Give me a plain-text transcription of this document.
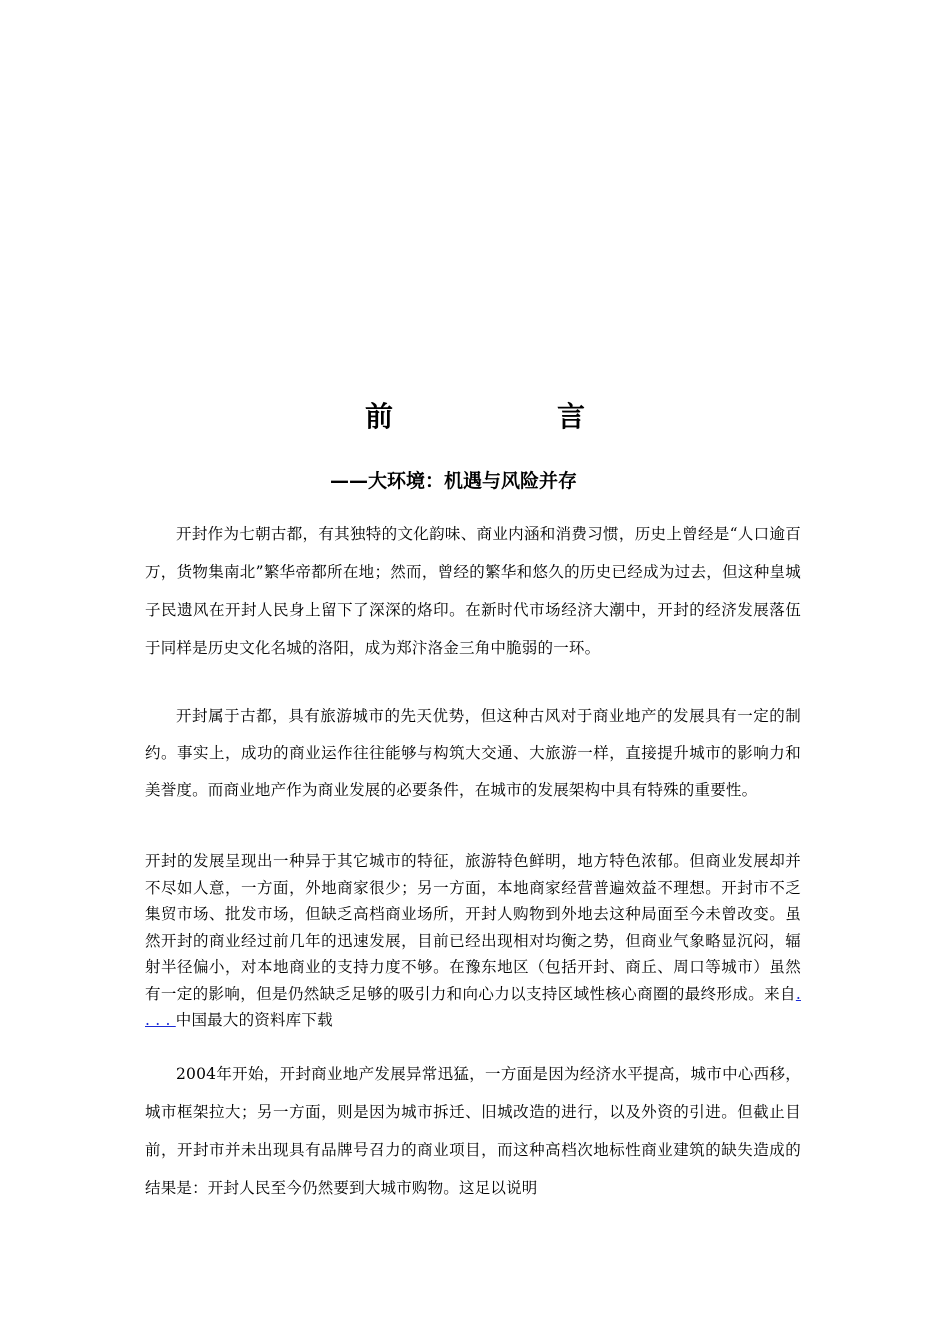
前	言
——大环境：机遇与风险并存

开封作为七朝古都，有其独特的文化韵味、商业内涵和消费习惯，历史上曾经是“人口逾百万，货物集南北”繁华帝都所在地；然而，曾经的繁华和悠久的历史已经成为过去，但这种皇城子民遗风在开封人民身上留下了深深的烙印。在新时代市场经济大潮中，开封的经济发展落伍于同样是历史文化名城的洛阳，成为郑汴洛金三角中脆弱的一环。

开封属于古都，具有旅游城市的先天优势，但这种古风对于商业地产的发展具有一定的制约。事实上，成功的商业运作往往能够与构筑大交通、大旅游一样，直接提升城市的影响力和美誉度。而商业地产作为商业发展的必要条件，在城市的发展架构中具有特殊的重要性。

开封的发展呈现出一种异于其它城市的特征，旅游特色鲜明，地方特色浓郁。但商业发展却并不尽如人意，一方面，外地商家很少；另一方面，本地商家经营普遍效益不理想。开封市不乏集贸市场、批发市场，但缺乏高档商业场所，开封人购物到外地去这种局面至今未曾改变。虽然开封的商业经过前几年的迅速发展，目前已经出现相对均衡之势，但商业气象略显沉闷，辐射半径偏小，对本地商业的支持力度不够。在豫东地区（包括开封、商丘、周口等城市）虽然有一定的影响，但是仍然缺乏足够的吸引力和向心力以支持区域性核心商圈的最终形成。来自. . . . 中国最大的资料库下载

2004年开始，开封商业地产发展异常迅猛，一方面是因为经济水平提高，城市中心西移，城市框架拉大；另一方面，则是因为城市拆迁、旧城改造的进行，以及外资的引进。但截止目前，开封市并未出现具有品牌号召力的商业项目，而这种高档次地标性商业建筑的缺失造成的结果是：开封人民至今仍然要到大城市购物。这足以说明
